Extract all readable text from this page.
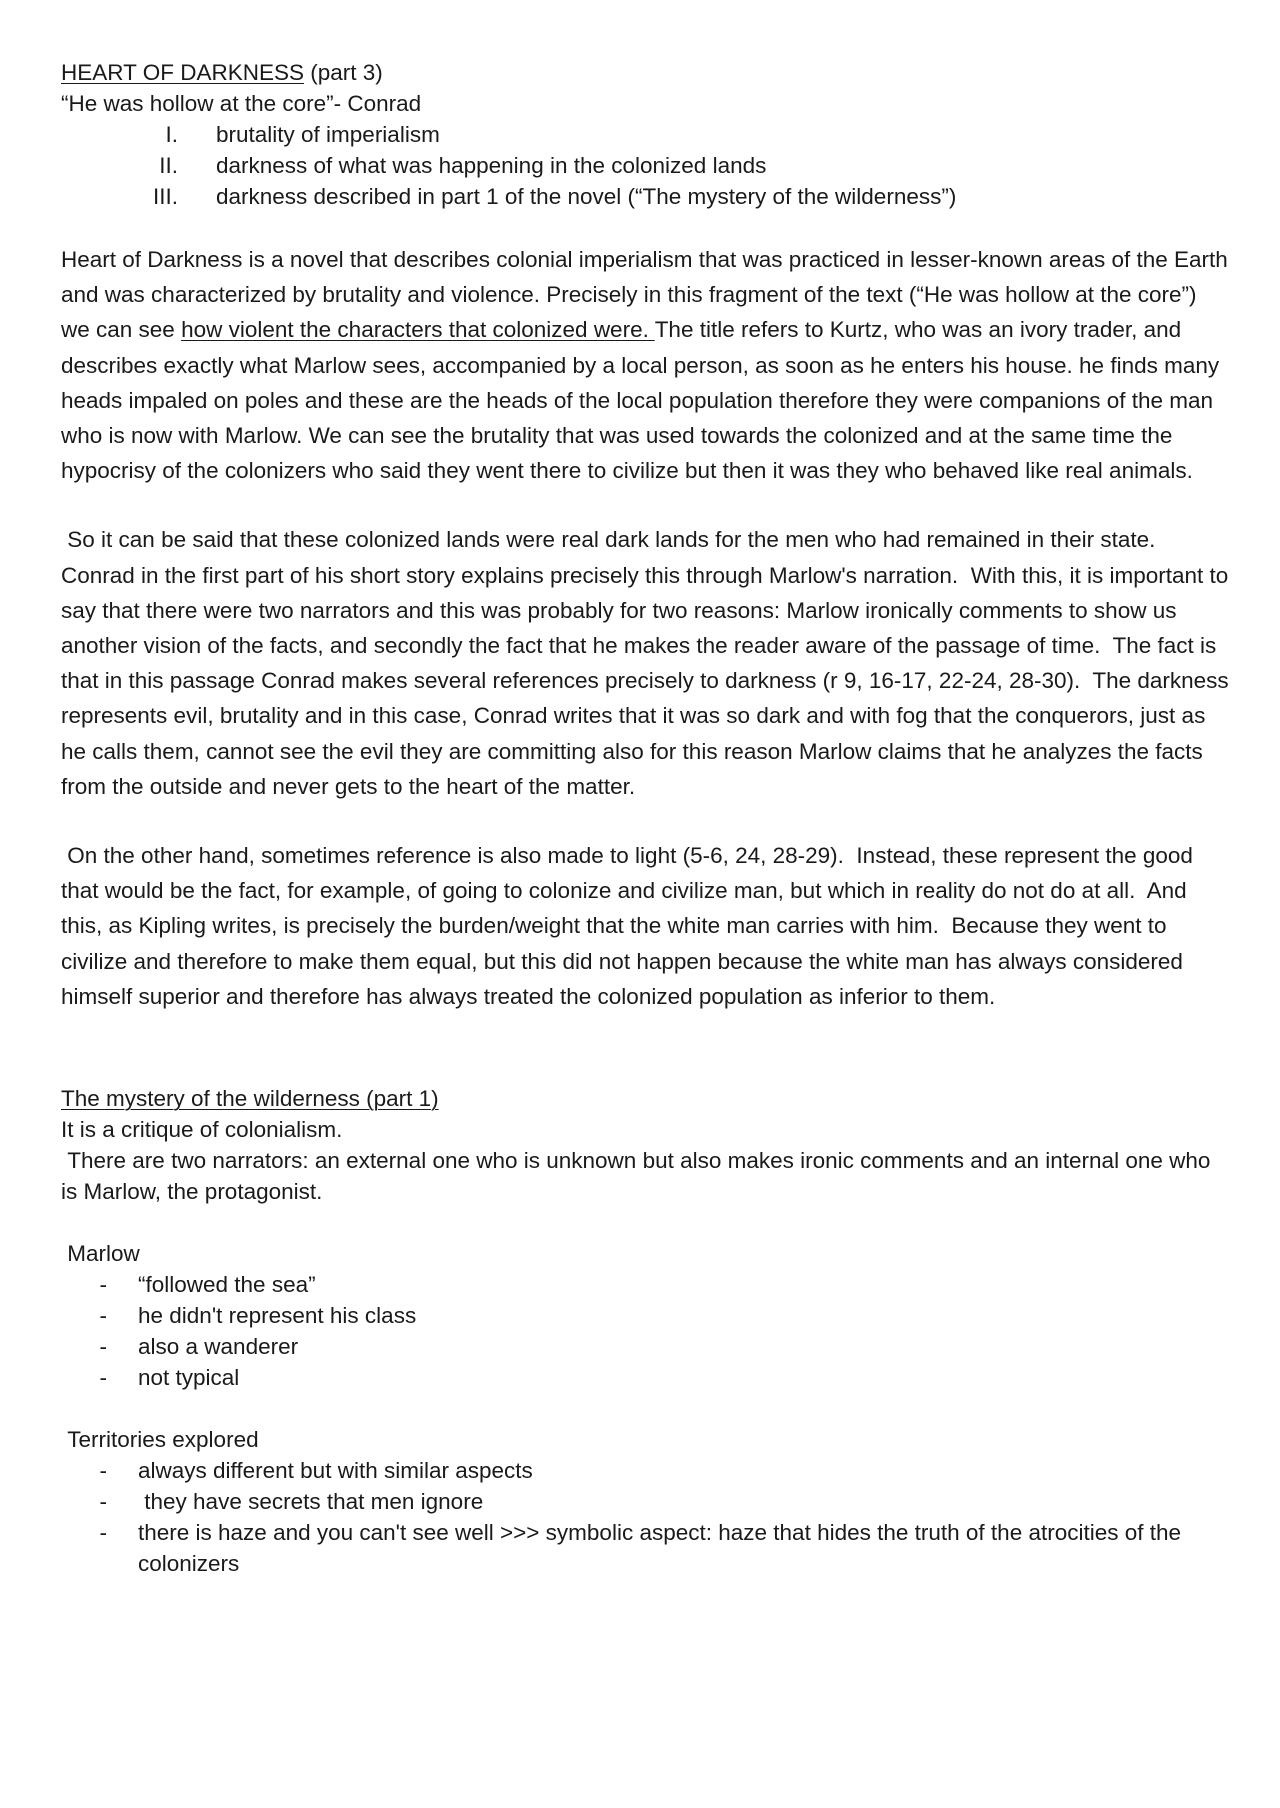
HEART OF DARKNESS (part 3)
“He was hollow at the core”- Conrad
I.	brutality of imperialism
II.	darkness of what was happening in the colonized lands
III.	darkness described in part 1 of the novel (“The mystery of the wilderness”)

Heart of Darkness is a novel that describes colonial imperialism that was practiced in lesser-known areas of the Earth and was characterized by brutality and violence. Precisely in this fragment of the text (“He was hollow at the core”) we can see how violent the characters that colonized were. The title refers to Kurtz, who was an ivory trader, and describes exactly what Marlow sees, accompanied by a local person, as soon as he enters his house. he finds many heads impaled on poles and these are the heads of the local population therefore they were companions of the man who is now with Marlow. We can see the brutality that was used towards the colonized and at the same time the hypocrisy of the colonizers who said they went there to civilize but then it was they who behaved like real animals.

So it can be said that these colonized lands were real dark lands for the men who had remained in their state. Conrad in the first part of his short story explains precisely this through Marlow's narration.  With this, it is important to say that there were two narrators and this was probably for two reasons: Marlow ironically comments to show us another vision of the facts, and secondly the fact that he makes the reader aware of the passage of time.  The fact is that in this passage Conrad makes several references precisely to darkness (r 9, 16-17, 22-24, 28-30).  The darkness represents evil, brutality and in this case, Conrad writes that it was so dark and with fog that the conquerors, just as he calls them, cannot see the evil they are committing also for this reason Marlow claims that he analyzes the facts from the outside and never gets to the heart of the matter.

On the other hand, sometimes reference is also made to light (5-6, 24, 28-29).  Instead, these represent the good that would be the fact, for example, of going to colonize and civilize man, but which in reality do not do at all.  And this, as Kipling writes, is precisely the burden/weight that the white man carries with him.  Because they went to civilize and therefore to make them equal, but this did not happen because the white man has always considered himself superior and therefore has always treated the colonized population as inferior to them.

The mystery of the wilderness (part 1)
It is a critique of colonialism.
There are two narrators: an external one who is unknown but also makes ironic comments and an internal one who is Marlow, the protagonist.
Marlow
-	“followed the sea”
-	he didn't represent his class
-	also a wanderer
-	not typical
Territories explored
-	always different but with similar aspects
-	they have secrets that men ignore
-	there is haze and you can't see well >>> symbolic aspect: haze that hides the truth of the atrocities of the colonizers
